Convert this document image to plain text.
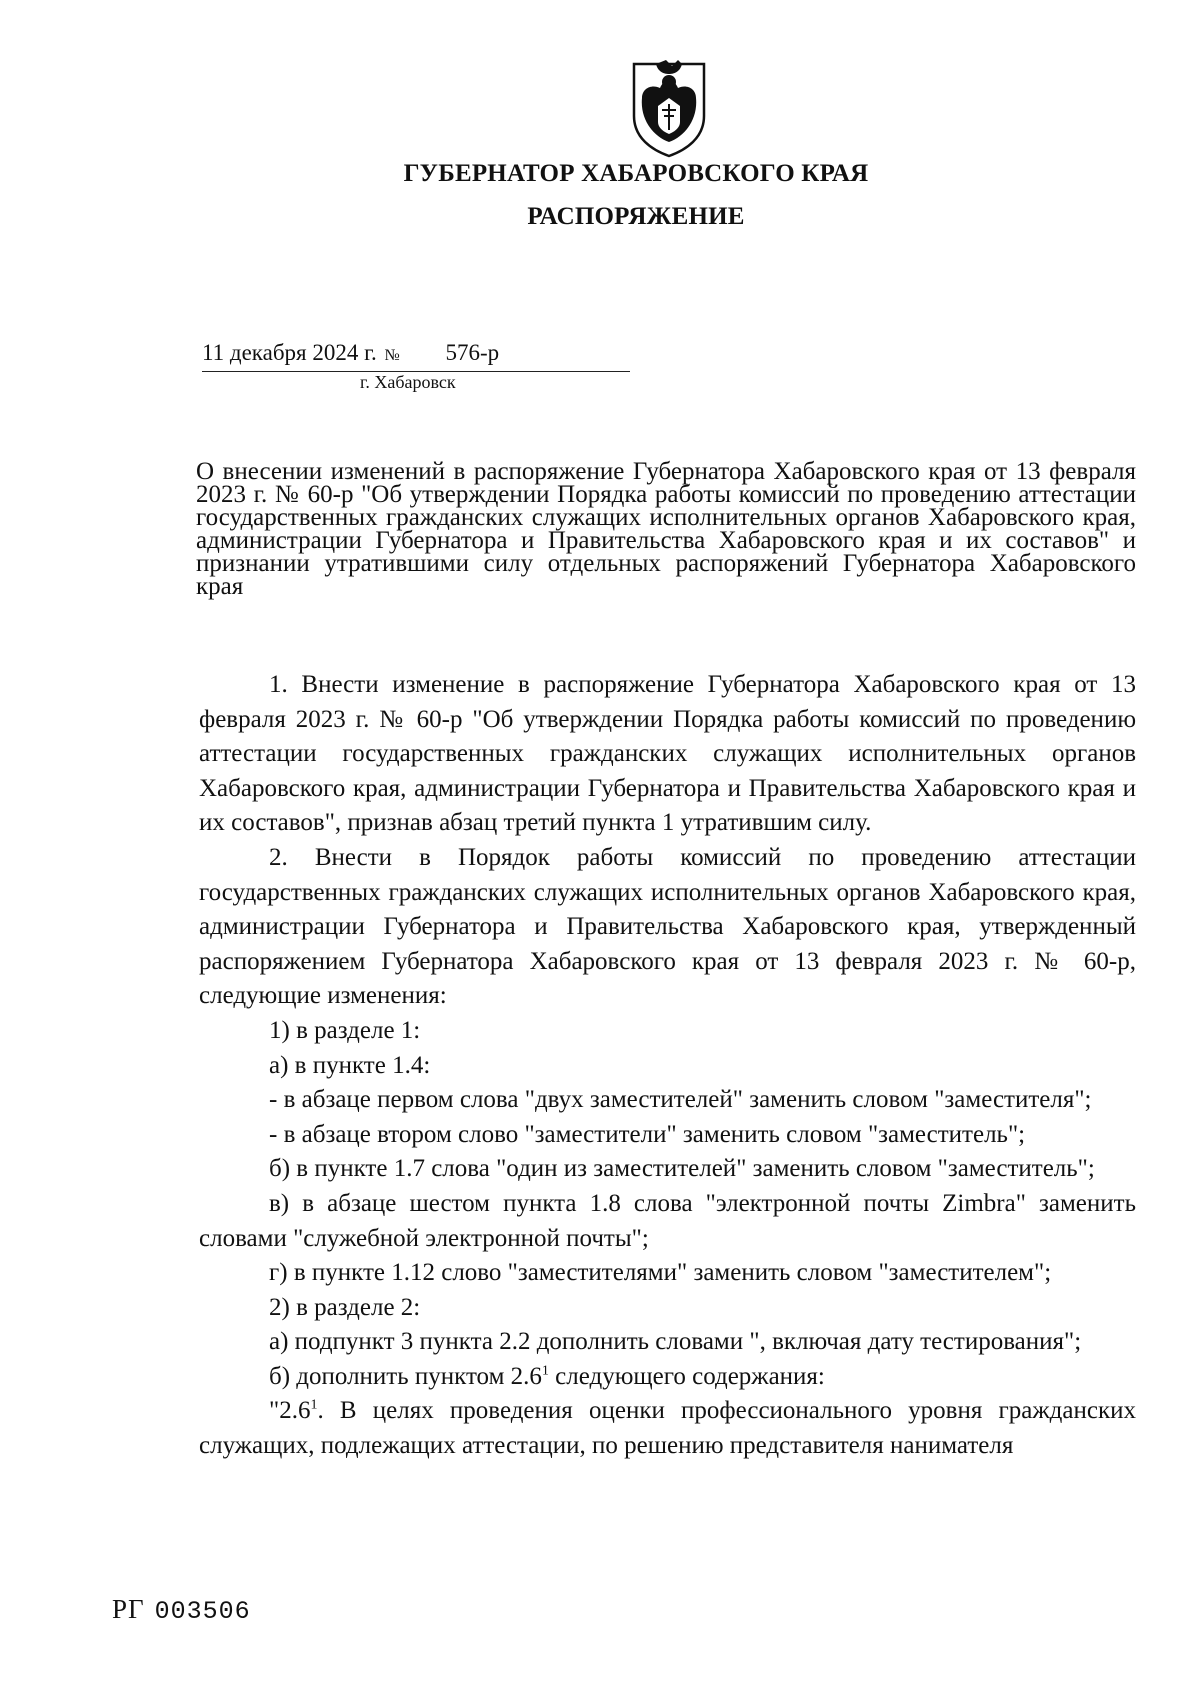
ГУБЕРНАТОР ХАБАРОВСКОГО КРАЯ
РАСПОРЯЖЕНИЕ
11 декабря 2024 г. № 576-р
г. Хабаровск
О внесении изменений в распоряжение Губернатора Хабаровского края от 13 февраля 2023 г. № 60-р "Об утверждении Порядка работы комиссий по проведению аттестации государственных гражданских служащих исполнительных органов Хабаровского края, администрации Губернатора и Правительства Хабаровского края и их составов" и признании утратившими силу отдельных распоряжений Губернатора Хабаровского края

1. Внести изменение в распоряжение Губернатора Хабаровского края от 13 февраля 2023 г. № 60-р "Об утверждении Порядка работы комиссий по проведению аттестации государственных гражданских служащих исполнительных органов Хабаровского края, администрации Губернатора и Правительства Хабаровского края и их составов", признав абзац третий пункта 1 утратившим силу.

2. Внести в Порядок работы комиссий по проведению аттестации государственных гражданских служащих исполнительных органов Хабаровского края, администрации Губернатора и Правительства Хабаровского края, утвержденный распоряжением Губернатора Хабаровского края от 13 февраля 2023 г. № 60-р, следующие изменения:

1) в разделе 1:

а) в пункте 1.4:

- в абзаце первом слова "двух заместителей" заменить словом "заместителя";

- в абзаце втором слово "заместители" заменить словом "заместитель";

б) в пункте 1.7 слова "один из заместителей" заменить словом "заместитель";

в) в абзаце шестом пункта 1.8 слова "электронной почты Zimbra" заменить словами "служебной электронной почты";

г) в пункте 1.12 слово "заместителями" заменить словом "заместителем";

2) в разделе 2:

а) подпункт 3 пункта 2.2 дополнить словами ", включая дату тестирования";

б) дополнить пунктом $2.6^1$ следующего содержания:

"$2.6^1$. В целях проведения оценки профессионального уровня гражданских служащих, подлежащих аттестации, по решению представителя нанимателя

РГ 003506
